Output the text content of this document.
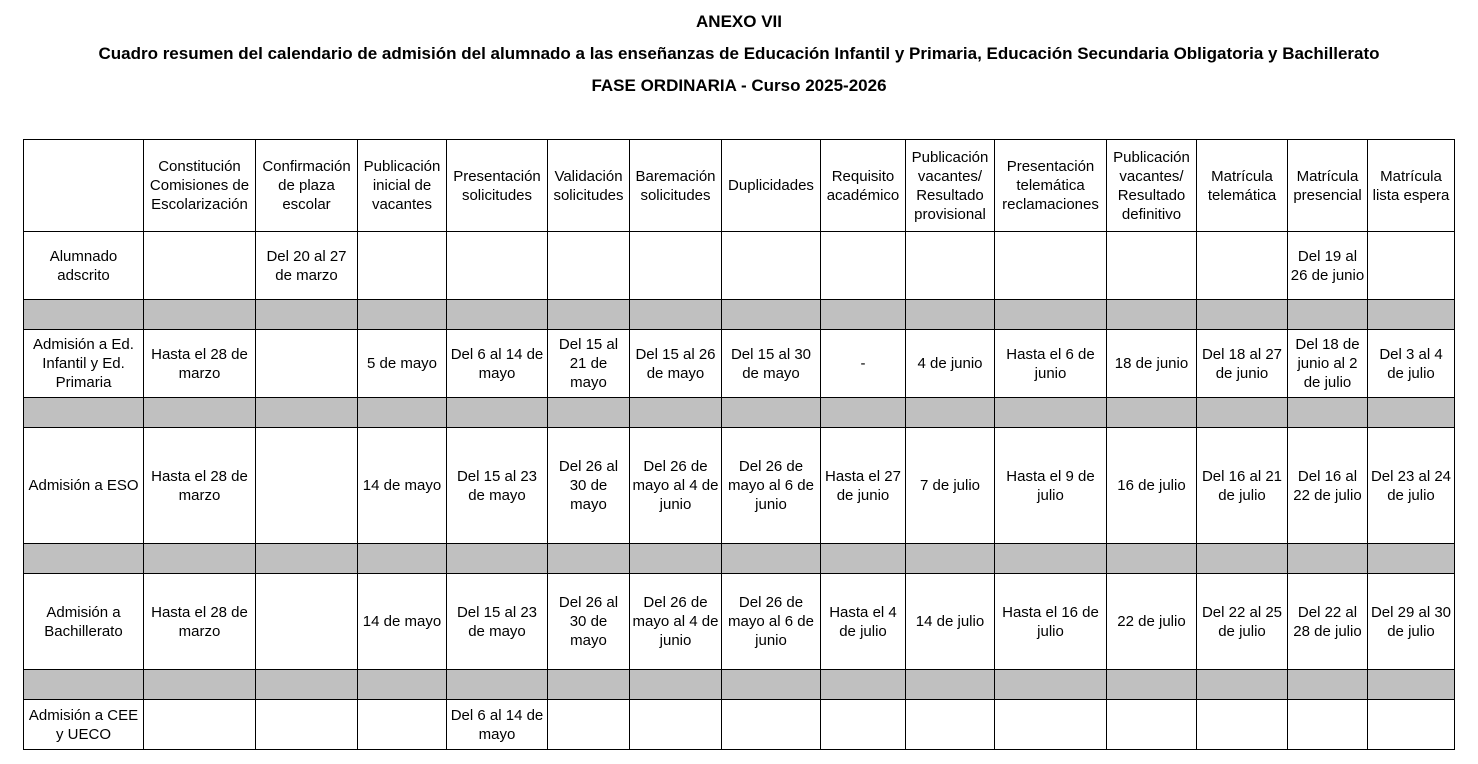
ANEXO VII
Cuadro resumen del calendario de admisión del alumnado a las enseñanzas de Educación Infantil y Primaria, Educación Secundaria Obligatoria y Bachillerato
FASE ORDINARIA - Curso 2025-2026
	Constitución Comisiones de Escolarización	Confirmación de plaza escolar	Publicación inicial de vacantes	Presentación solicitudes	Validación solicitudes	Baremación solicitudes	Duplicidades	Requisito académico	Publicación vacantes/ Resultado provisional	Presentación telemática reclamaciones	Publicación vacantes/ Resultado definitivo	Matrícula telemática	Matrícula presencial	Matrícula lista espera
Alumnado adscrito		Del 20 al 27 de marzo											Del 19 al 26 de junio	

Admisión a Ed. Infantil y Ed. Primaria	Hasta el 28 de marzo		5 de mayo	Del 6 al 14 de mayo	Del 15 al 21 de mayo	Del 15 al 26 de mayo	Del 15 al 30 de mayo	-	4 de junio	Hasta el 6 de junio	18 de junio	Del 18 al 27 de junio	Del 18 de junio al 2 de julio	Del 3 al 4 de julio

Admisión a ESO	Hasta el 28 de marzo		14 de mayo	Del 15 al 23 de mayo	Del 26 al 30 de mayo	Del 26 de mayo al 4 de junio	Del 26 de mayo al 6 de junio	Hasta el 27 de junio	7 de julio	Hasta el 9 de julio	16 de julio	Del 16 al 21 de julio	Del 16 al 22 de julio	Del 23 al 24 de julio

Admisión a Bachillerato	Hasta el 28 de marzo		14 de mayo	Del 15 al 23 de mayo	Del 26 al 30 de mayo	Del 26 de mayo al 4 de junio	Del 26 de mayo al 6 de junio	Hasta el 4 de julio	14 de julio	Hasta el 16 de julio	22 de julio	Del 22 al 25 de julio	Del 22 al 28 de julio	Del 29 al 30 de julio

Admisión a CEE y UECO				Del 6 al 14 de mayo										
